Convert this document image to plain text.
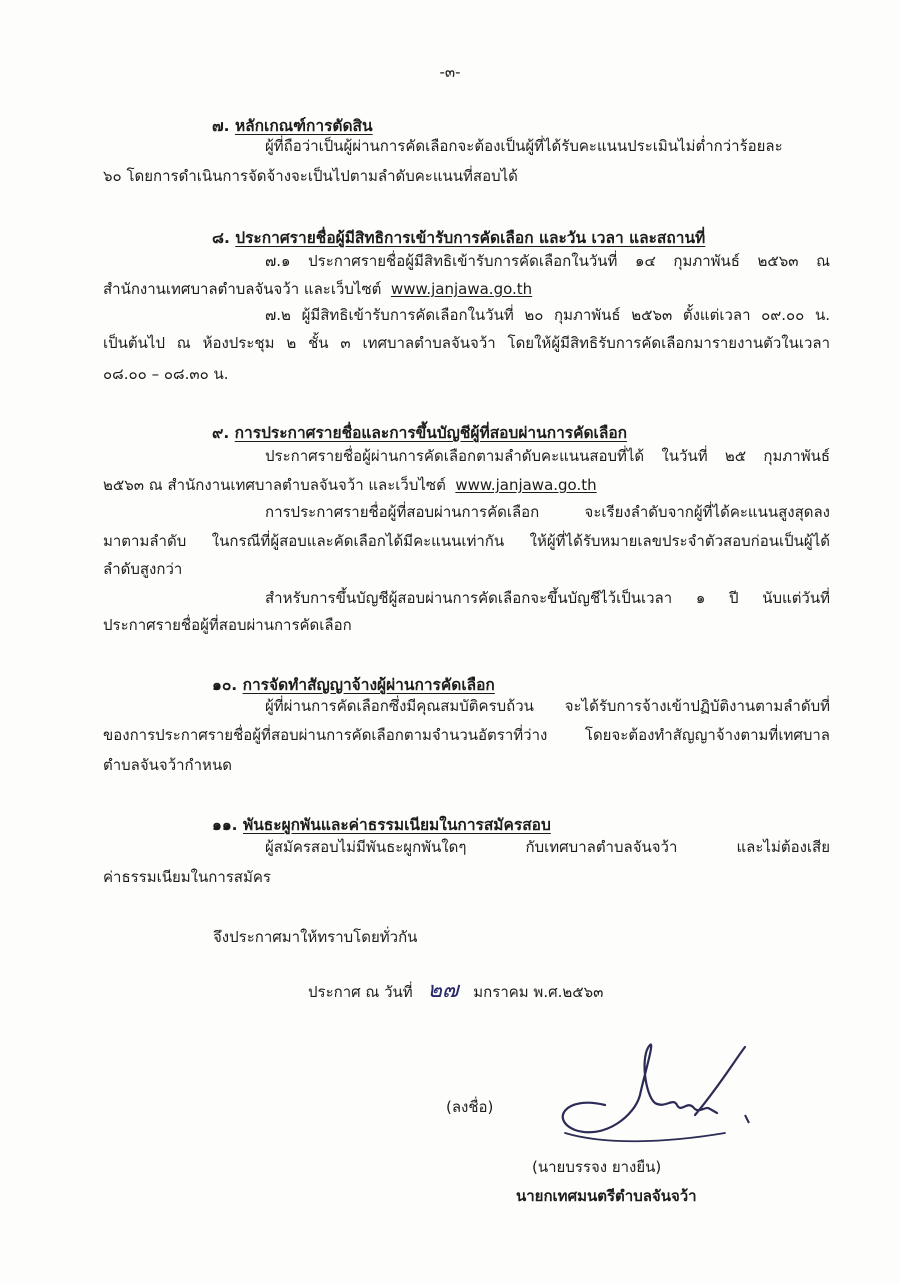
-๓-
๗. หลักเกณฑ์การตัดสิน
ผู้ที่ถือว่าเป็นผู้ผ่านการคัดเลือกจะต้องเป็นผู้ที่ได้รับคะแนนประเมินไม่ต่ำกว่าร้อยละ
๖๐ โดยการดำเนินการจัดจ้างจะเป็นไปตามลำดับคะแนนที่สอบได้
๘. ประกาศรายชื่อผู้มีสิทธิการเข้ารับการคัดเลือก และวัน เวลา และสถานที่
๗.๑ ประกาศรายชื่อผู้มีสิทธิเข้ารับการคัดเลือกในวันที่ ๑๔ กุมภาพันธ์ ๒๕๖๓ ณ
สำนักงานเทศบาลตำบลจันจว้า และเว็บไซต์ www.janjawa.go.th
๗.๒ ผู้มีสิทธิเข้ารับการคัดเลือกในวันที่ ๒๐ กุมภาพันธ์ ๒๕๖๓ ตั้งแต่เวลา ๐๙.๐๐ น.
เป็นต้นไป ณ ห้องประชุม ๒ ชั้น ๓ เทศบาลตำบลจันจว้า โดยให้ผู้มีสิทธิรับการคัดเลือกมารายงานตัวในเวลา
๐๘.๐๐ – ๐๘.๓๐ น.
๙. การประกาศรายชื่อและการขึ้นบัญชีผู้ที่สอบผ่านการคัดเลือก
ประกาศรายชื่อผู้ผ่านการคัดเลือกตามลำดับคะแนนสอบที่ได้ ในวันที่ ๒๕ กุมภาพันธ์
๒๕๖๓ ณ สำนักงานเทศบาลตำบลจันจว้า และเว็บไซต์ www.janjawa.go.th
การประกาศรายชื่อผู้ที่สอบผ่านการคัดเลือก จะเรียงลำดับจากผู้ที่ได้คะแนนสูงสุดลง
มาตามลำดับ ในกรณีที่ผู้สอบและคัดเลือกได้มีคะแนนเท่ากัน ให้ผู้ที่ได้รับหมายเลขประจำตัวสอบก่อนเป็นผู้ได้
ลำดับสูงกว่า
สำหรับการขึ้นบัญชีผู้สอบผ่านการคัดเลือกจะขึ้นบัญชีไว้เป็นเวลา ๑ ปี นับแต่วันที่
ประกาศรายชื่อผู้ที่สอบผ่านการคัดเลือก
๑๐. การจัดทำสัญญาจ้างผู้ผ่านการคัดเลือก
ผู้ที่ผ่านการคัดเลือกซึ่งมีคุณสมบัติครบถ้วน จะได้รับการจ้างเข้าปฏิบัติงานตามลำดับที่
ของการประกาศรายชื่อผู้ที่สอบผ่านการคัดเลือกตามจำนวนอัตราที่ว่าง โดยจะต้องทำสัญญาจ้างตามที่เทศบาล
ตำบลจันจว้ากำหนด
๑๑. พันธะผูกพันและค่าธรรมเนียมในการสมัครสอบ
ผู้สมัครสอบไม่มีพันธะผูกพันใดๆ กับเทศบาลตำบลจันจว้า และไม่ต้องเสีย
ค่าธรรมเนียมในการสมัคร
จึงประกาศมาให้ทราบโดยทั่วกัน
ประกาศ ณ วันที่ ๒๗ มกราคม พ.ศ.๒๕๖๓
(ลงชื่อ)
(นายบรรจง ยางยืน)
นายกเทศมนตรีตำบลจันจว้า
